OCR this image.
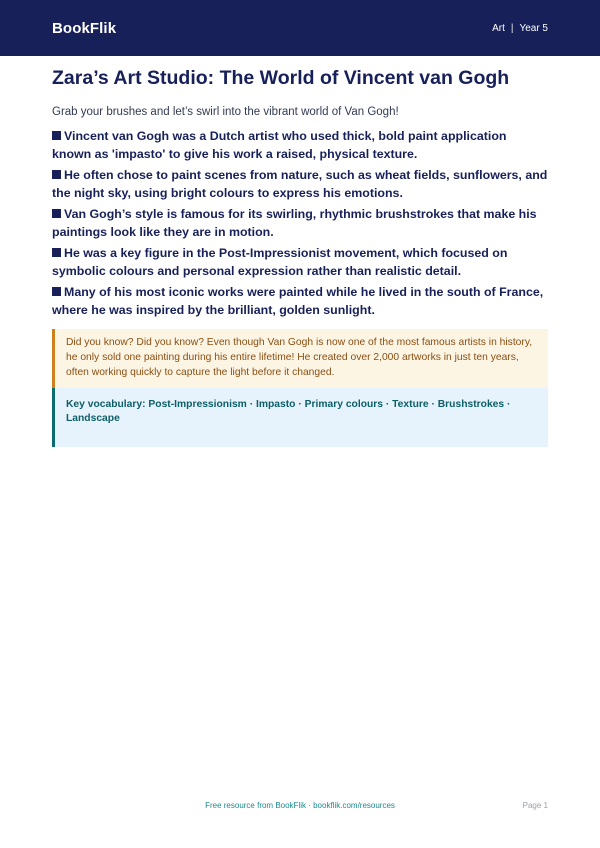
BookFlik	Art | Year 5
Zara’s Art Studio: The World of Vincent van Gogh

Grab your brushes and let’s swirl into the vibrant world of Van Gogh!

Vincent van Gogh was a Dutch artist who used thick, bold paint application known as 'impasto' to give his work a raised, physical texture.

He often chose to paint scenes from nature, such as wheat fields, sunflowers, and the night sky, using bright colours to express his emotions.

Van Gogh’s style is famous for its swirling, rhythmic brushstrokes that make his paintings look like they are in motion.

He was a key figure in the Post-Impressionist movement, which focused on symbolic colours and personal expression rather than realistic detail.

Many of his most iconic works were painted while he lived in the south of France, where he was inspired by the brilliant, golden sunlight.

Did you know? Did you know? Even though Van Gogh is now one of the most famous artists in history, he only sold one painting during his entire lifetime! He created over 2,000 artworks in just ten years, often working quickly to capture the light before it changed.
Key vocabulary: Post-Impressionism · Impasto · Primary colours · Texture · Brushstrokes · Landscape
Free resource from BookFlik · bookflik.com/resources	Page 1
